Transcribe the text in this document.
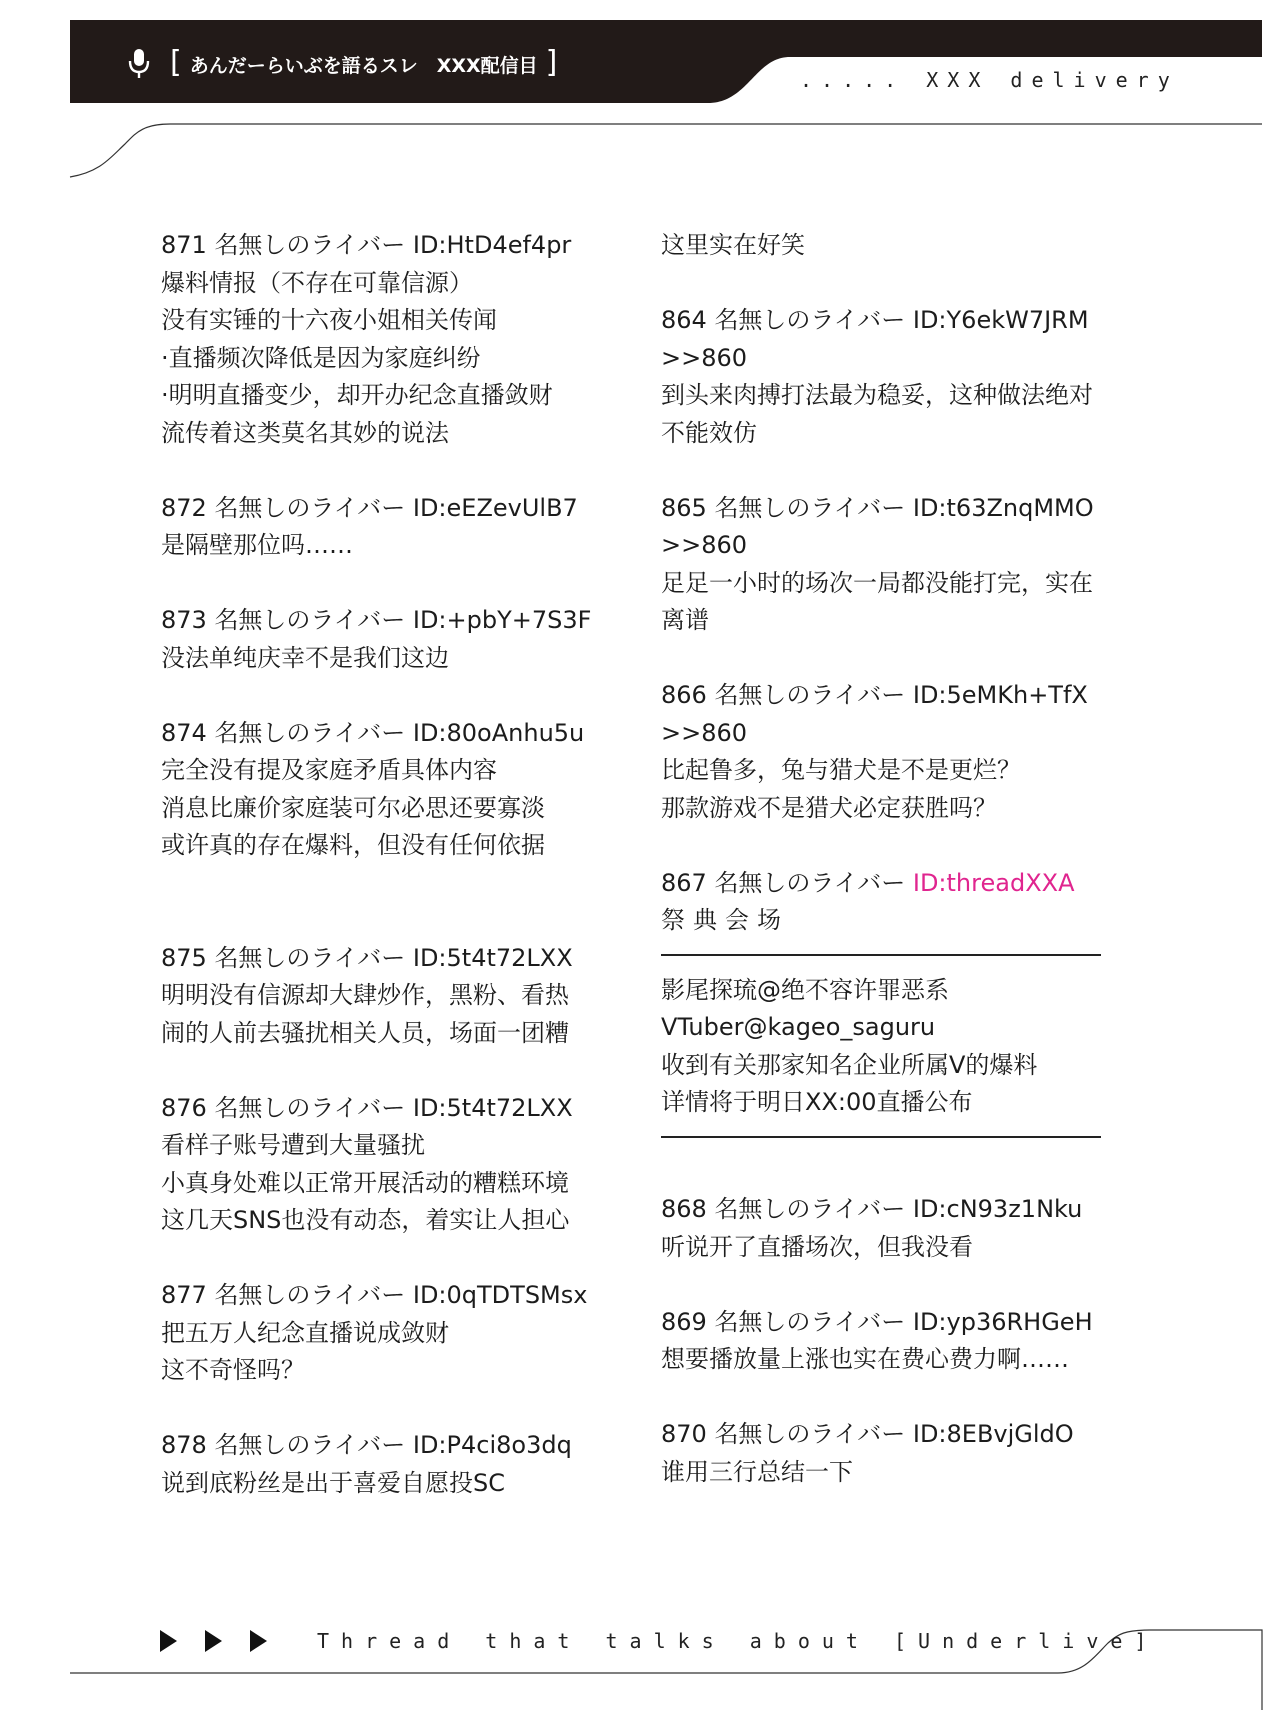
[ あんだーらいぶを語るスレ　XXX配信目 ]
..... XXX delivery
871 名無しのライバー ID:HtD4ef4pr
爆料情报（不存在可靠信源）
没有实锤的十六夜小姐相关传闻
·直播频次降低是因为家庭纠纷
·明明直播变少，却开办纪念直播敛财
流传着这类莫名其妙的说法
872 名無しのライバー ID:eEZevUlB7
是隔壁那位吗……
873 名無しのライバー ID:+pbY+7S3F
没法单纯庆幸不是我们这边
874 名無しのライバー ID:80oAnhu5u
完全没有提及家庭矛盾具体内容
消息比廉价家庭装可尔必思还要寡淡
或许真的存在爆料，但没有任何依据
875 名無しのライバー ID:5t4t72LXX
明明没有信源却大肆炒作，黑粉、看热
闹的人前去骚扰相关人员，场面一团糟
876 名無しのライバー ID:5t4t72LXX
看样子账号遭到大量骚扰
小真身处难以正常开展活动的糟糕环境
这几天SNS也没有动态，着实让人担心
877 名無しのライバー ID:0qTDTSMsx
把五万人纪念直播说成敛财
这不奇怪吗？
878 名無しのライバー ID:P4ci8o3dq
说到底粉丝是出于喜爱自愿投SC
这里实在好笑
864 名無しのライバー ID:Y6ekW7JRM
>>860
到头来肉搏打法最为稳妥，这种做法绝对
不能效仿
865 名無しのライバー ID:t63ZnqMMO
>>860
足足一小时的场次一局都没能打完，实在
离谱
866 名無しのライバー ID:5eMKh+TfX
>>860
比起鲁多，兔与猎犬是不是更烂？
那款游戏不是猎犬必定获胜吗？
867 名無しのライバー ID:threadXXA
祭典会场
影尾探琉@绝不容许罪恶系
VTuber@kageo_saguru
收到有关那家知名企业所属V的爆料
详情将于明日XX:00直播公布
868 名無しのライバー ID:cN93z1Nku
听说开了直播场次，但我没看
869 名無しのライバー ID:yp36RHGeH
想要播放量上涨也实在费心费力啊……
870 名無しのライバー ID:8EBvjGldO
谁用三行总结一下
Thread that talks about [Underlive]
